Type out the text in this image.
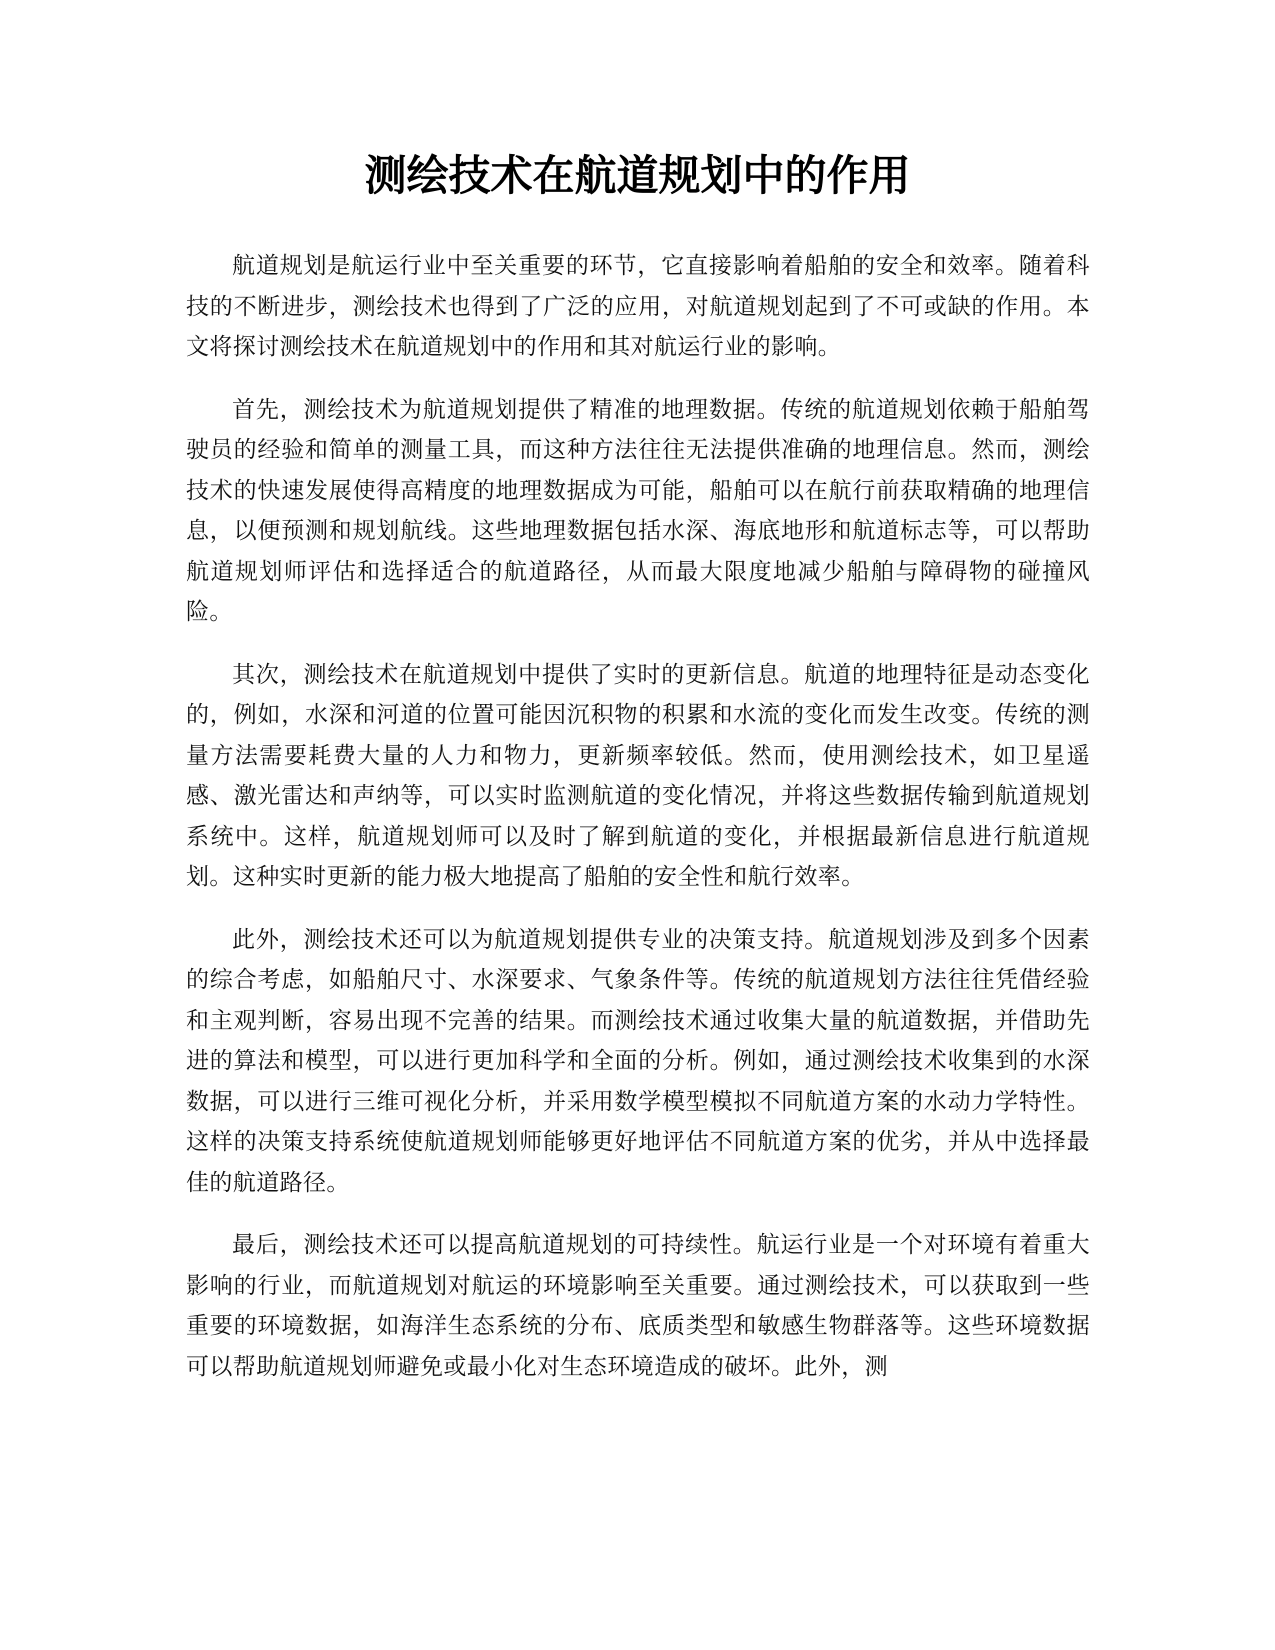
测绘技术在航道规划中的作用

航道规划是航运行业中至关重要的环节，它直接影响着船舶的安全和效率。随着科技的不断进步，测绘技术也得到了广泛的应用，对航道规划起到了不可或缺的作用。本文将探讨测绘技术在航道规划中的作用和其对航运行业的影响。

首先，测绘技术为航道规划提供了精准的地理数据。传统的航道规划依赖于船舶驾驶员的经验和简单的测量工具，而这种方法往往无法提供准确的地理信息。然而，测绘技术的快速发展使得高精度的地理数据成为可能，船舶可以在航行前获取精确的地理信息，以便预测和规划航线。这些地理数据包括水深、海底地形和航道标志等，可以帮助航道规划师评估和选择适合的航道路径，从而最大限度地减少船舶与障碍物的碰撞风险。

其次，测绘技术在航道规划中提供了实时的更新信息。航道的地理特征是动态变化的，例如，水深和河道的位置可能因沉积物的积累和水流的变化而发生改变。传统的测量方法需要耗费大量的人力和物力，更新频率较低。然而，使用测绘技术，如卫星遥感、激光雷达和声纳等，可以实时监测航道的变化情况，并将这些数据传输到航道规划系统中。这样，航道规划师可以及时了解到航道的变化，并根据最新信息进行航道规划。这种实时更新的能力极大地提高了船舶的安全性和航行效率。

此外，测绘技术还可以为航道规划提供专业的决策支持。航道规划涉及到多个因素的综合考虑，如船舶尺寸、水深要求、气象条件等。传统的航道规划方法往往凭借经验和主观判断，容易出现不完善的结果。而测绘技术通过收集大量的航道数据，并借助先进的算法和模型，可以进行更加科学和全面的分析。例如，通过测绘技术收集到的水深数据，可以进行三维可视化分析，并采用数学模型模拟不同航道方案的水动力学特性。这样的决策支持系统使航道规划师能够更好地评估不同航道方案的优劣，并从中选择最佳的航道路径。

最后，测绘技术还可以提高航道规划的可持续性。航运行业是一个对环境有着重大影响的行业，而航道规划对航运的环境影响至关重要。通过测绘技术，可以获取到一些重要的环境数据，如海洋生态系统的分布、底质类型和敏感生物群落等。这些环境数据可以帮助航道规划师避免或最小化对生态环境造成的破坏。此外，测
